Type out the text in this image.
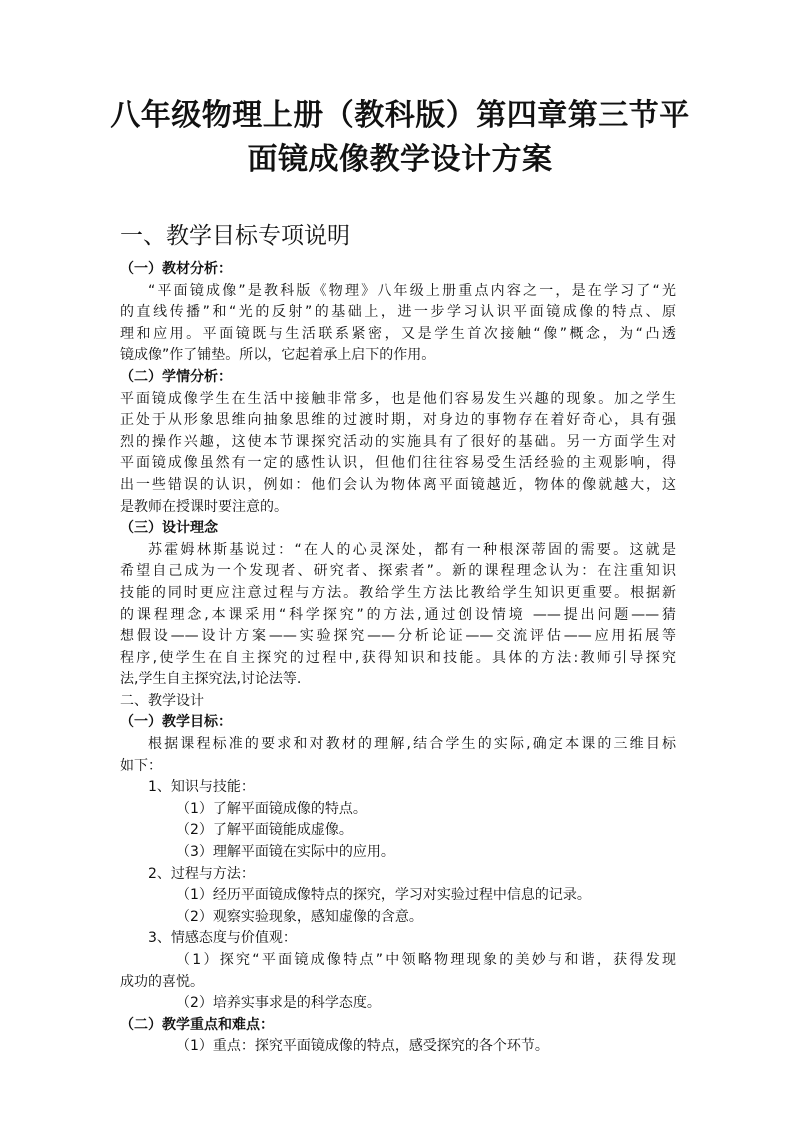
八年级物理上册（教科版）第四章第三节平
面镜成像教学设计方案
一、教学目标专项说明
（一）教材分析：
“平面镜成像”是教科版《物理》八年级上册重点内容之一，是在学习了“光
的直线传播”和“光的反射”的基础上，进一步学习认识平面镜成像的特点、原
理和应用。平面镜既与生活联系紧密，又是学生首次接触“像”概念，为“凸透
镜成像”作了铺垫。所以，它起着承上启下的作用。
（二）学情分析：
平面镜成像学生在生活中接触非常多，也是他们容易发生兴趣的现象。加之学生
正处于从形象思维向抽象思维的过渡时期，对身边的事物存在着好奇心，具有强
烈的操作兴趣，这使本节课探究活动的实施具有了很好的基础。另一方面学生对
平面镜成像虽然有一定的感性认识，但他们往往容易受生活经验的主观影响，得
出一些错误的认识，例如：他们会认为物体离平面镜越近，物体的像就越大，这
是教师在授课时要注意的。
（三）设计理念
苏霍姆林斯基说过：“在人的心灵深处，都有一种根深蒂固的需要。这就是
希望自己成为一个发现者、研究者、探索者”。新的课程理念认为：在注重知识
技能的同时更应注意过程与方法。教给学生方法比教给学生知识更重要。根据新
的课程理念,本课采用“科学探究”的方法,通过创设情境 ——提出问题——猜
想假设——设计方案——实验探究——分析论证——交流评估——应用拓展等
程序,使学生在自主探究的过程中,获得知识和技能。具体的方法:教师引导探究
法,学生自主探究法,讨论法等.
二、教学设计
（一）教学目标：
根据课程标准的要求和对教材的理解,结合学生的实际,确定本课的三维目标
如下：
1、知识与技能：
（1）了解平面镜成像的特点。
（2）了解平面镜能成虚像。
（3）理解平面镜在实际中的应用。
2、过程与方法：
（1）经历平面镜成像特点的探究，学习对实验过程中信息的记录。
（2）观察实验现象，感知虚像的含意。
3、情感态度与价值观：
（1）探究“平面镜成像特点”中领略物理现象的美妙与和谐，获得发现
成功的喜悦。
（2）培养实事求是的科学态度。
（二）教学重点和难点：
（1）重点：探究平面镜成像的特点，感受探究的各个环节。
